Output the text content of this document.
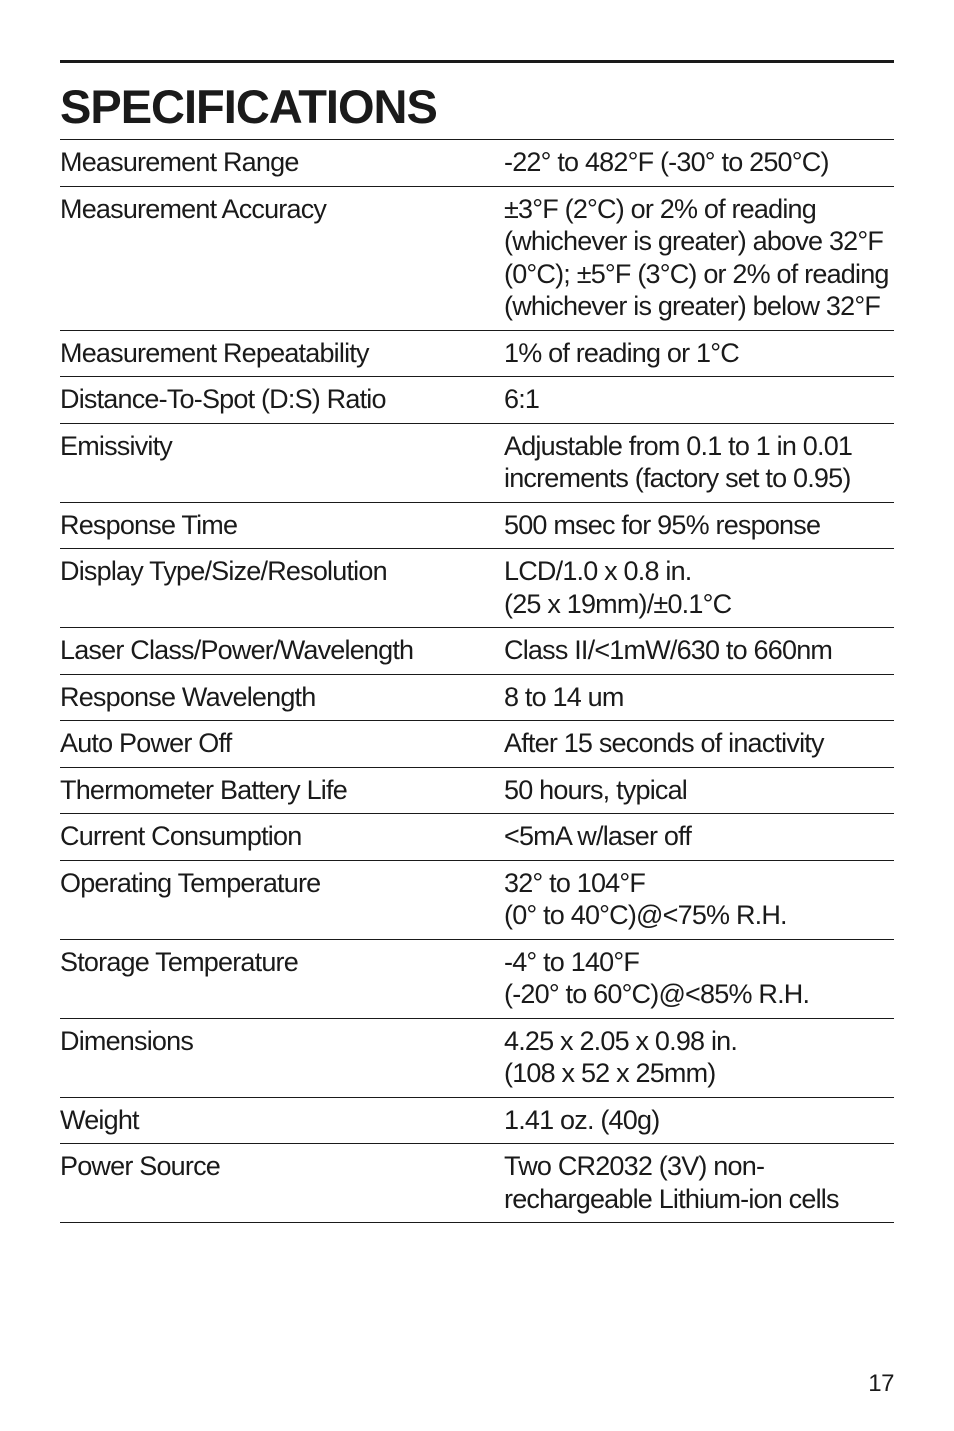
SPECIFICATIONS
Measurement Range	-22° to 482°F (-30° to 250°C)
Measurement Accuracy	±3°F (2°C) or 2% of reading
(whichever is greater) above 32°F
(0°C); ±5°F (3°C) or 2% of reading
(whichever is greater) below 32°F
Measurement Repeatability	1% of reading or 1°C
Distance-To-Spot (D:S) Ratio	6:1
Emissivity	Adjustable from 0.1 to 1 in 0.01
increments (factory set to 0.95)
Response Time	500 msec for 95% response
Display Type/Size/Resolution	LCD/1.0 x 0.8 in.
(25 x 19mm)/±0.1°C
Laser Class/Power/Wavelength	Class II/<1mW/630 to 660nm
Response Wavelength	8 to 14 um
Auto Power Off	After 15 seconds of inactivity
Thermometer Battery Life	50 hours, typical
Current Consumption	<5mA w/laser off
Operating Temperature	32° to 104°F
(0° to 40°C)@<75% R.H.
Storage Temperature	-4° to 140°F
(-20° to 60°C)@<85% R.H.
Dimensions	4.25 x 2.05 x 0.98 in.
(108 x 52 x 25mm)
Weight	1.41 oz. (40g)
Power Source	Two CR2032 (3V) non-
rechargeable Lithium-ion cells
17
